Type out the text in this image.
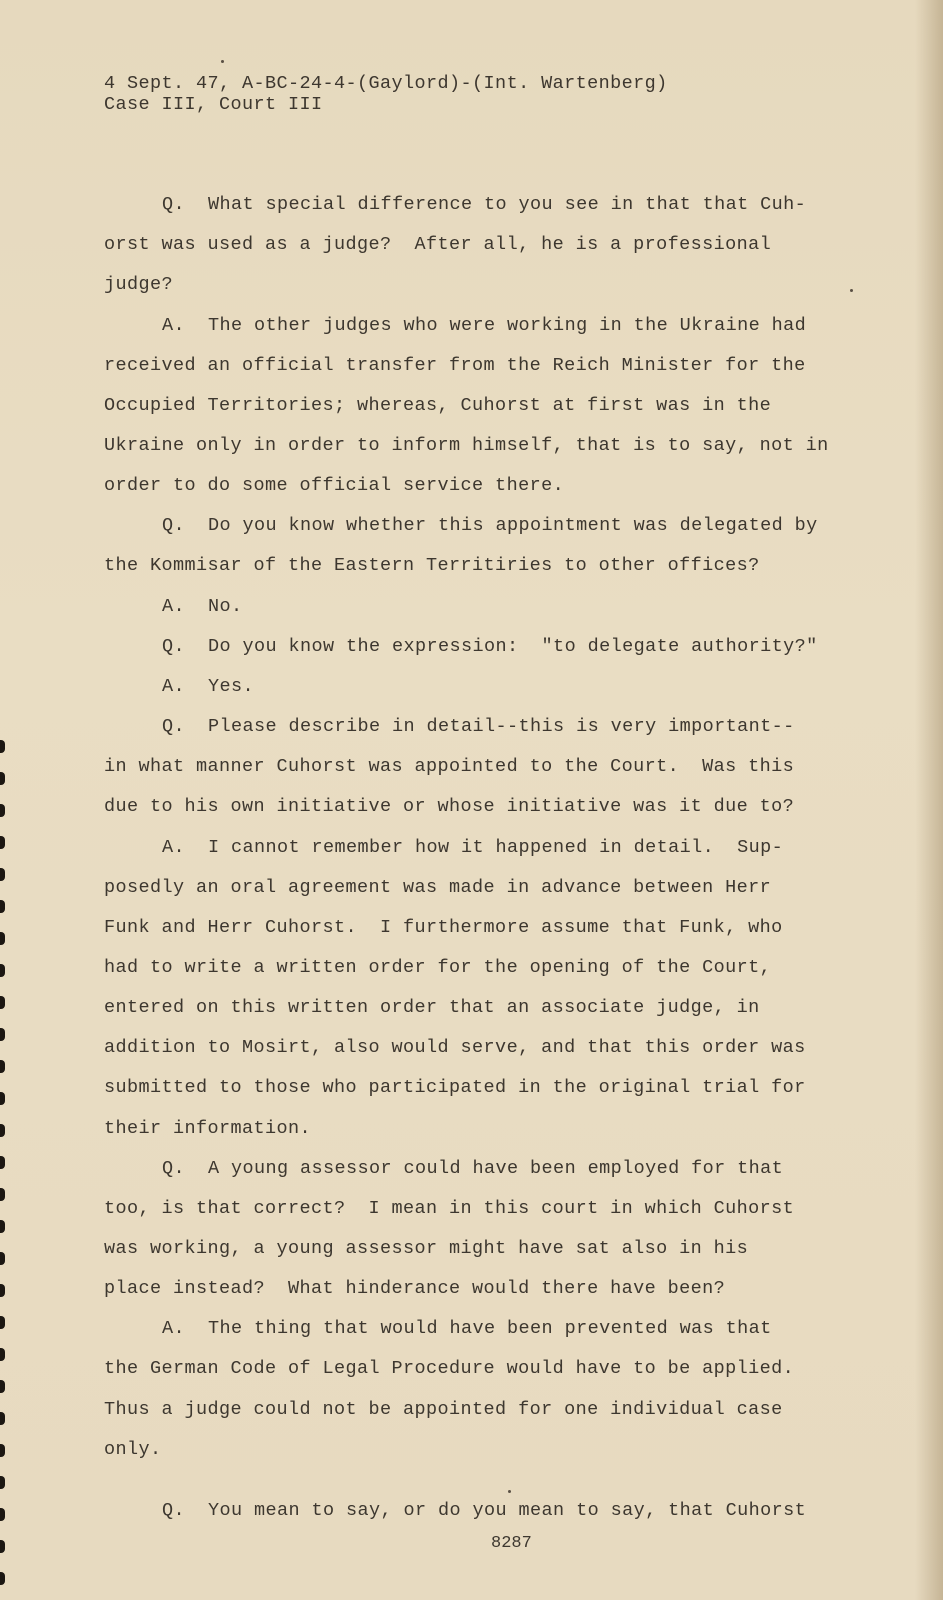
4 Sept. 47, A-BC-24-4-(Gaylord)-(Int. Wartenberg)
Case III, Court III
Q.  What special difference to you see in that that Cuh-
orst was used as a judge?  After all, he is a professional
judge?
A.  The other judges who were working in the Ukraine had
received an official transfer from the Reich Minister for the
Occupied Territories; whereas, Cuhorst at first was in the
Ukraine only in order to inform himself, that is to say, not in
order to do some official service there.
Q.  Do you know whether this appointment was delegated by
the Kommisar of the Eastern Territiries to other offices?
A.  No.
Q.  Do you know the expression:  "to delegate authority?"
A.  Yes.
Q.  Please describe in detail--this is very important--
in what manner Cuhorst was appointed to the Court.  Was this
due to his own initiative or whose initiative was it due to?
A.  I cannot remember how it happened in detail.  Sup-
posedly an oral agreement was made in advance between Herr
Funk and Herr Cuhorst.  I furthermore assume that Funk, who
had to write a written order for the opening of the Court,
entered on this written order that an associate judge, in
addition to Mosirt, also would serve, and that this order was
submitted to those who participated in the original trial for
their information.
Q.  A young assessor could have been employed for that
too, is that correct?  I mean in this court in which Cuhorst
was working, a young assessor might have sat also in his
place instead?  What hinderance would there have been?
A.  The thing that would have been prevented was that
the German Code of Legal Procedure would have to be applied.
Thus a judge could not be appointed for one individual case
only.
Q.  You mean to say, or do you mean to say, that Cuhorst
8287
